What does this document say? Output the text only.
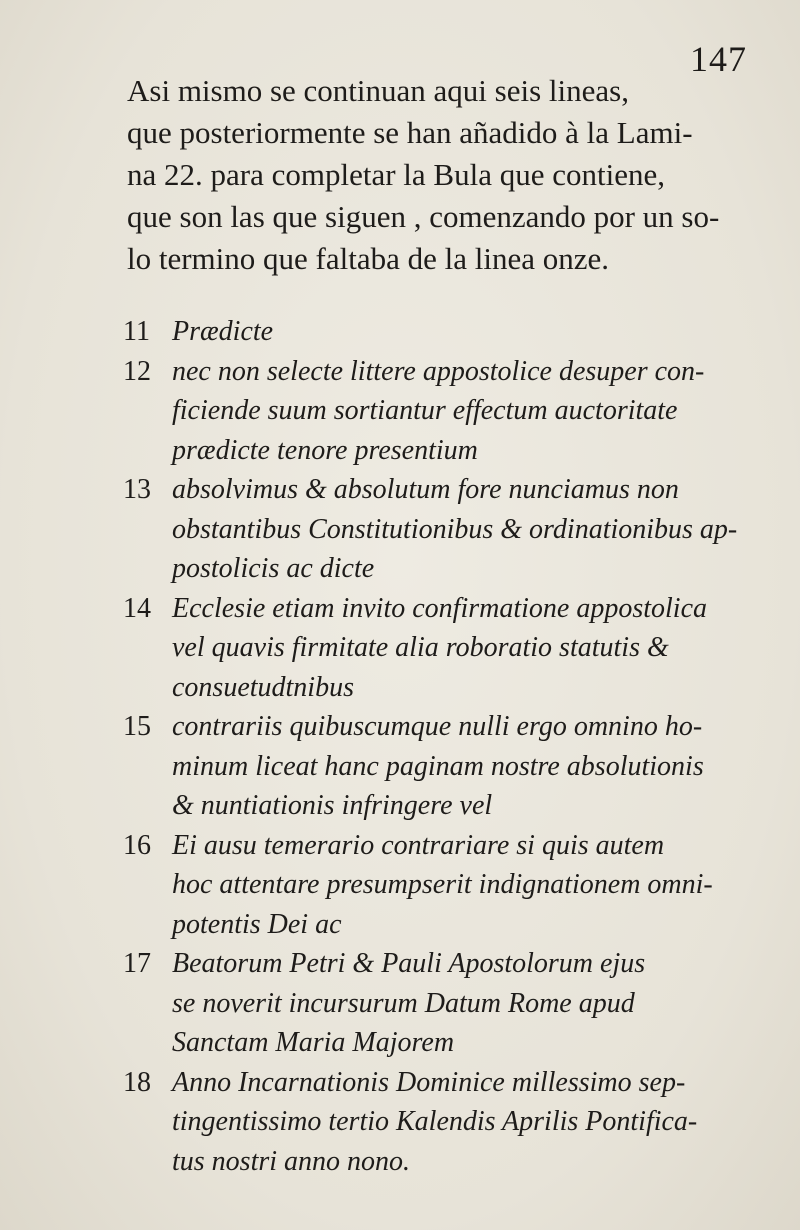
147
Asi mismo se continuan aqui seis lineas,
que posteriormente se han añadido à la Lami-
na 22. para completar la Bula que contiene,
que son las que siguen , comenzando por un so-
lo termino que faltaba de la linea onze.
11 Prædicte
12 nec non selecte littere appostolice desuper con-
ficiende suum sortiantur effectum auctoritate
prædicte tenore presentium
13 absolvimus & absolutum fore nunciamus non
obstantibus Constitutionibus & ordinationibus ap-
postolicis ac dicte
14 Ecclesie etiam invito confirmatione appostolica
vel quavis firmitate alia roboratio statutis &
consuetudtnibus
15 contrariis quibuscumque nulli ergo omnino ho-
minum liceat hanc paginam nostre absolutionis
& nuntiationis infringere vel
16 Ei ausu temerario contrariare si quis autem
hoc attentare presumpserit indignationem omni-
potentis Dei ac
17 Beatorum Petri & Pauli Apostolorum ejus
se noverit incursurum Datum Rome apud
Sanctam Maria Majorem
18 Anno Incarnationis Dominice millessimo sep-
tingentissimo tertio Kalendis Aprilis Pontifica-
tus nostri anno nono.
